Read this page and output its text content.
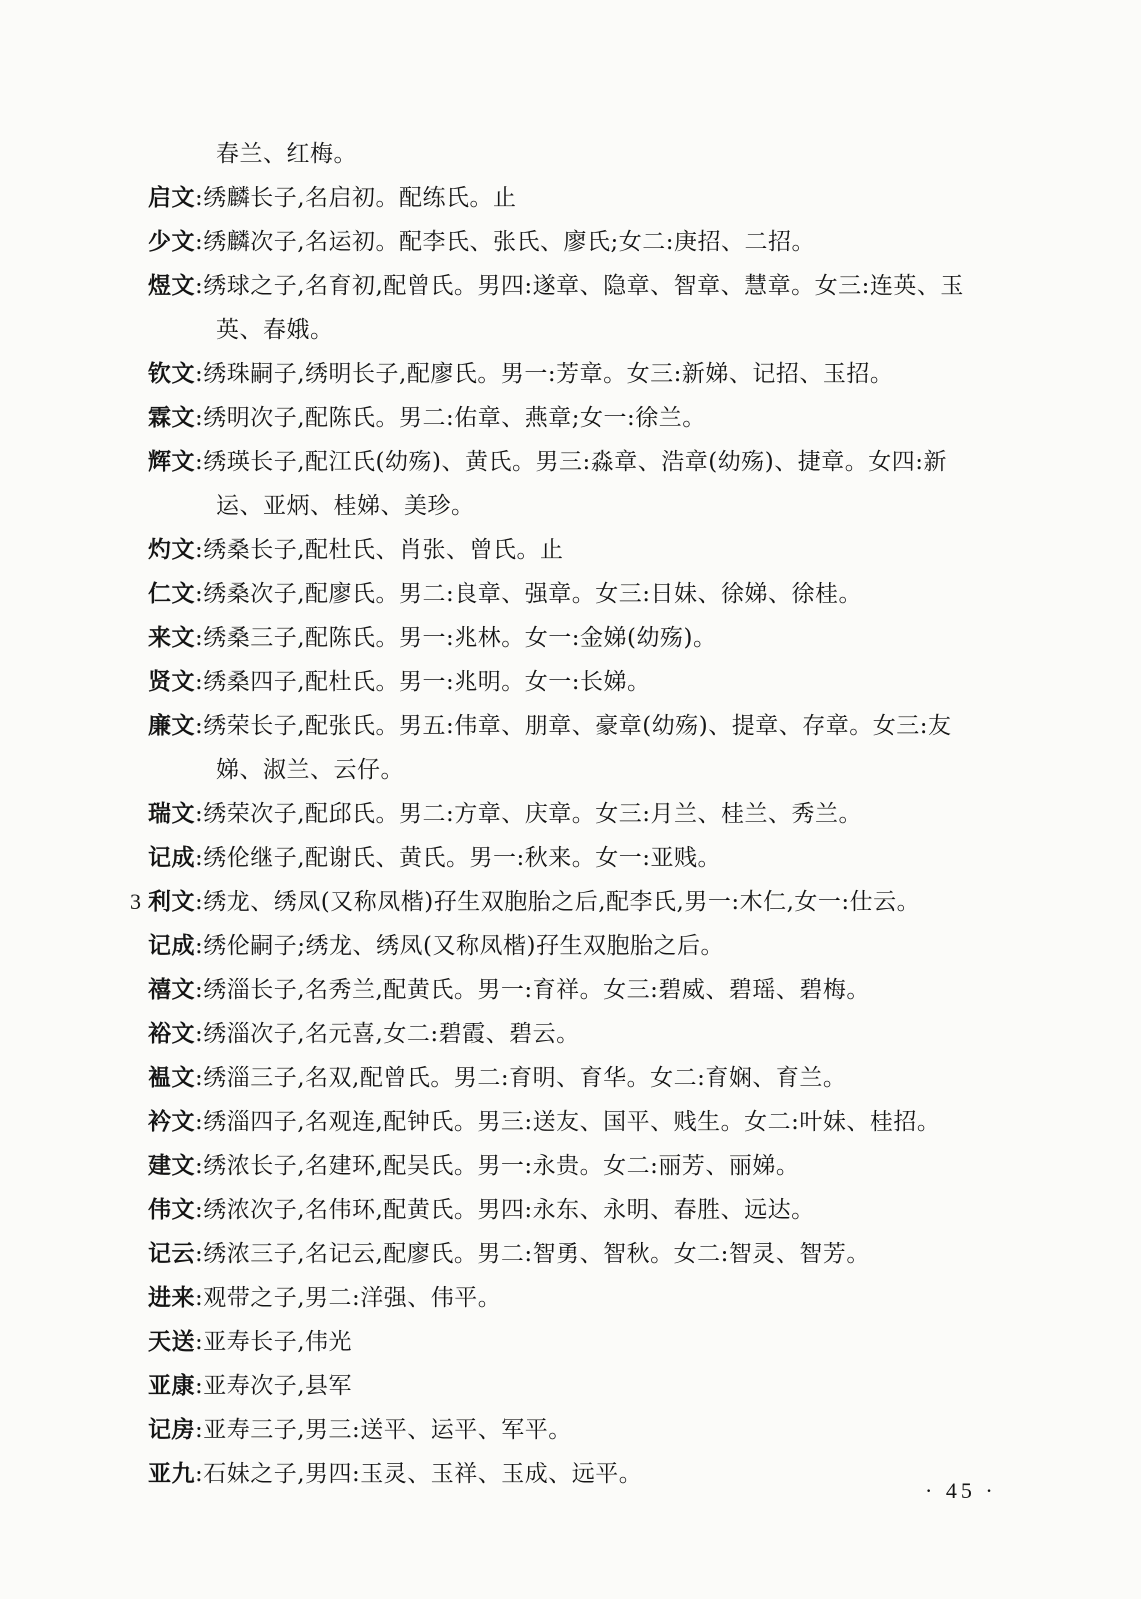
春兰、红梅。
启文:绣麟长子,名启初。配练氏。止
少文:绣麟次子,名运初。配李氏、张氏、廖氏;女二:庚招、二招。
煜文:绣球之子,名育初,配曾氏。男四:遂章、隐章、智章、慧章。女三:连英、玉
英、春娥。
钦文:绣珠嗣子,绣明长子,配廖氏。男一:芳章。女三:新娣、记招、玉招。
霖文:绣明次子,配陈氏。男二:佑章、燕章;女一:徐兰。
辉文:绣瑛长子,配江氏(幼殇)、黄氏。男三:淼章、浩章(幼殇)、捷章。女四:新
运、亚炳、桂娣、美珍。
灼文:绣桑长子,配杜氏、肖张、曾氏。止
仁文:绣桑次子,配廖氏。男二:良章、强章。女三:日妹、徐娣、徐桂。
来文:绣桑三子,配陈氏。男一:兆林。女一:金娣(幼殇)。
贤文:绣桑四子,配杜氏。男一:兆明。女一:长娣。
廉文:绣荣长子,配张氏。男五:伟章、朋章、豪章(幼殇)、提章、存章。女三:友
娣、淑兰、云仔。
瑞文:绣荣次子,配邱氏。男二:方章、庆章。女三:月兰、桂兰、秀兰。
记成:绣伦继子,配谢氏、黄氏。男一:秋来。女一:亚贱。
3 利文:绣龙、绣凤(又称凤楷)孖生双胞胎之后,配李氏,男一:木仁,女一:仕云。
记成:绣伦嗣子;绣龙、绣凤(又称凤楷)孖生双胞胎之后。
禧文:绣淄长子,名秀兰,配黄氏。男一:育祥。女三:碧威、碧瑶、碧梅。
裕文:绣淄次子,名元喜,女二:碧霞、碧云。
褞文:绣淄三子,名双,配曾氏。男二:育明、育华。女二:育娴、育兰。
衿文:绣淄四子,名观连,配钟氏。男三:送友、国平、贱生。女二:叶妹、桂招。
建文:绣浓长子,名建环,配吴氏。男一:永贵。女二:丽芳、丽娣。
伟文:绣浓次子,名伟环,配黄氏。男四:永东、永明、春胜、远达。
记云:绣浓三子,名记云,配廖氏。男二:智勇、智秋。女二:智灵、智芳。
进来:观带之子,男二:洋强、伟平。
天送:亚寿长子,伟光
亚康:亚寿次子,县军
记房:亚寿三子,男三:送平、运平、军平。
亚九:石妹之子,男四:玉灵、玉祥、玉成、远平。
· 45 ·
